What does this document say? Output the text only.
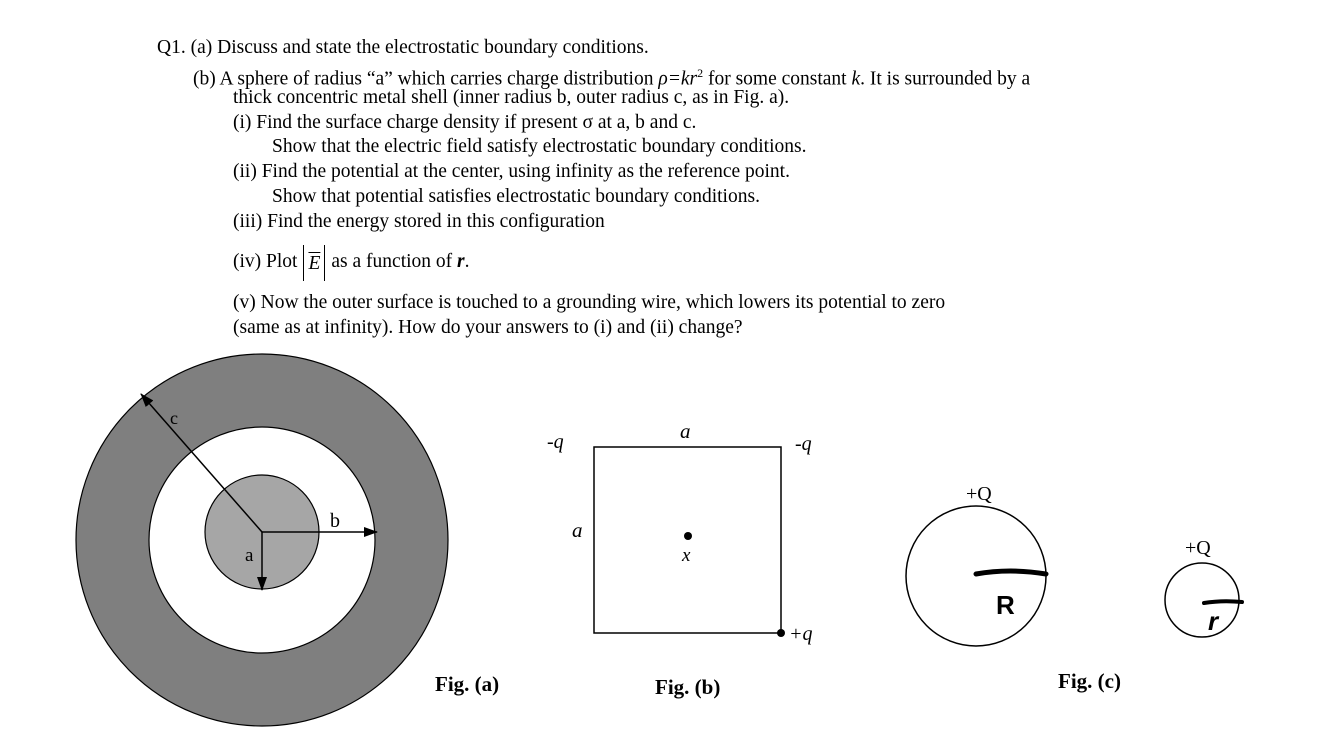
Q1. (a) Discuss and state the electrostatic boundary conditions.
(b) A sphere of radius “a” which carries charge distribution $\rho=kr^2$ for some constant k. It is surrounded by a
thick concentric metal shell (inner radius b, outer radius c, as in Fig. a).
(i) Find the surface charge density if present σ at a, b and c.
Show that the electric field satisfy electrostatic boundary conditions.
(ii) Find the potential at the center, using infinity as the reference point.
Show that potential satisfies electrostatic boundary conditions.
(iii) Find the energy stored in this configuration
(iv) Plot $\overline{E}$ as a function of r.
(v) Now the outer surface is touched to a grounding wire, which lowers its potential to zero
(same as at infinity). How do your answers to (i) and (ii) change?
c
b
a
a
a
-q	-q
+q
x
+Q
R
+Q
r
Fig. (a)	Fig. (b)	Fig. (c)
